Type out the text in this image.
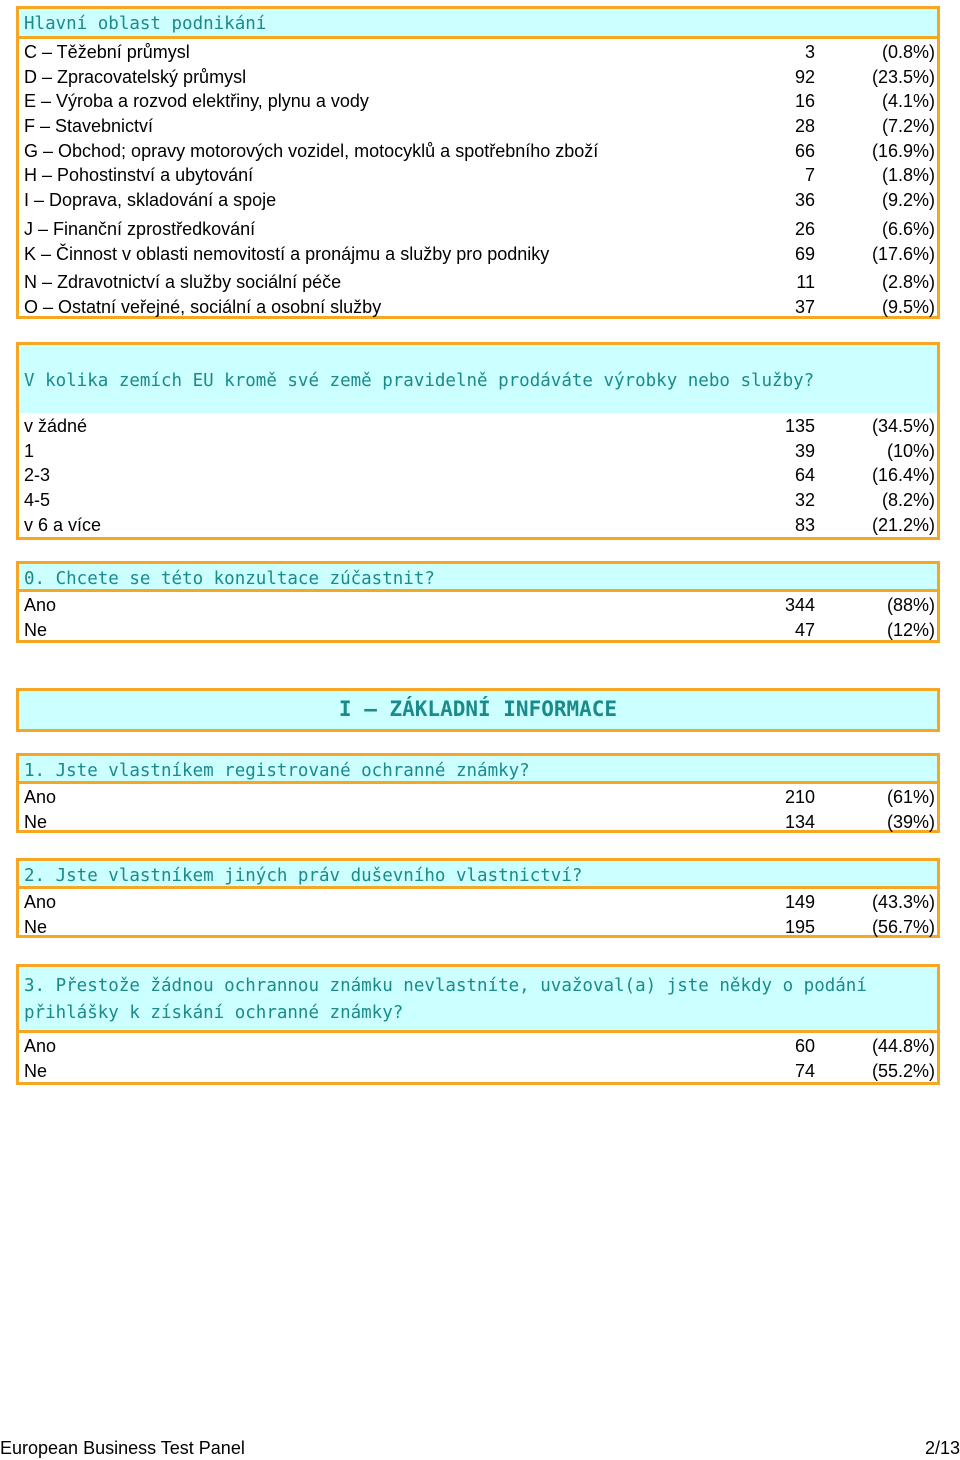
Hlavní oblast podnikání
C – Těžební průmysl	3	(0.8%)
D – Zpracovatelský průmysl	92	(23.5%)
E – Výroba a rozvod elektřiny, plynu a vody	16	(4.1%)
F – Stavebnictví	28	(7.2%)
G – Obchod; opravy motorových vozidel, motocyklů a spotřebního zboží	66	(16.9%)
H – Pohostinství a ubytování	7	(1.8%)
I – Doprava, skladování a spoje	36	(9.2%)
J – Finanční zprostředkování	26	(6.6%)
K – Činnost v oblasti nemovitostí a pronájmu a služby pro podniky	69	(17.6%)
N – Zdravotnictví a služby sociální péče	11	(2.8%)
O – Ostatní veřejné, sociální a osobní služby	37	(9.5%)
V kolika zemích EU kromě své země pravidelně prodáváte výrobky nebo služby?
v žádné	135	(34.5%)
1	39	(10%)
2-3	64	(16.4%)
4-5	32	(8.2%)
v 6 a více	83	(21.2%)
0. Chcete se této konzultace zúčastnit?
Ano	344	(88%)
Ne	47	(12%)
I – ZÁKLADNÍ INFORMACE
1. Jste vlastníkem registrované ochranné známky?
Ano	210	(61%)
Ne	134	(39%)
2. Jste vlastníkem jiných práv duševního vlastnictví?
Ano	149	(43.3%)
Ne	195	(56.7%)
3. Přestože žádnou ochrannou známku nevlastníte, uvažoval(a) jste někdy o podání přihlášky k získání ochranné známky?
Ano	60	(44.8%)
Ne	74	(55.2%)
European Business Test Panel	2/13
